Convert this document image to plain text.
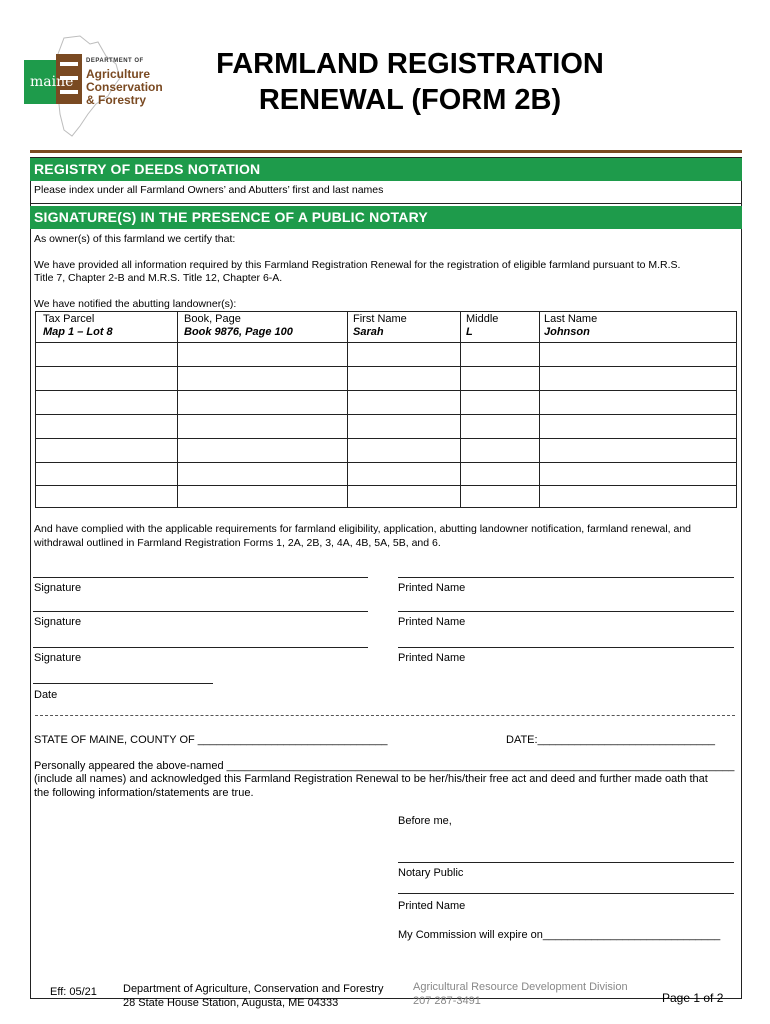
maine
DEPARTMENT OF
Agriculture
Conservation
& Forestry
FARMLAND REGISTRATION
RENEWAL (FORM 2B)
REGISTRY OF DEEDS NOTATION
Please index under all Farmland Owners’ and Abutters’ first and last names
SIGNATURE(S) IN THE PRESENCE OF A PUBLIC NOTARY
As owner(s) of this farmland we certify that:
We have provided all information required by this Farmland Registration Renewal for the registration of eligible farmland pursuant to M.R.S.
Title 7, Chapter 2-B and M.R.S. Title 12, Chapter 6-A.
We have notified the abutting landowner(s):
Tax Parcel	Book, Page	First Name	Middle	Last Name
Map 1 – Lot 8	Book 9876, Page 100	Sarah	L	Johnson
And have complied with the applicable requirements for farmland eligibility, application, abutting landowner notification, farmland renewal, and
withdrawal outlined in Farmland Registration Forms 1, 2A, 2B, 3, 4A, 4B, 5A, 5B, and 6.
Signature	Printed Name
Signature	Printed Name
Signature	Printed Name
Date
STATE OF MAINE, COUNTY OF _______________________________	DATE:_____________________________
Personally appeared the above-named ___________________________________________________________________________________
(include all names) and acknowledged this Farmland Registration Renewal to be her/his/their free act and deed and further made oath that
the following information/statements are true.
Before me,
Notary Public
Printed Name
My Commission will expire on_____________________________
Eff: 05/21 Department of Agriculture, Conservation and Forestry
28 State House Station, Augusta, ME 04333
Agricultural Resource Development Division
207 287-3491	Page 1 of 2
